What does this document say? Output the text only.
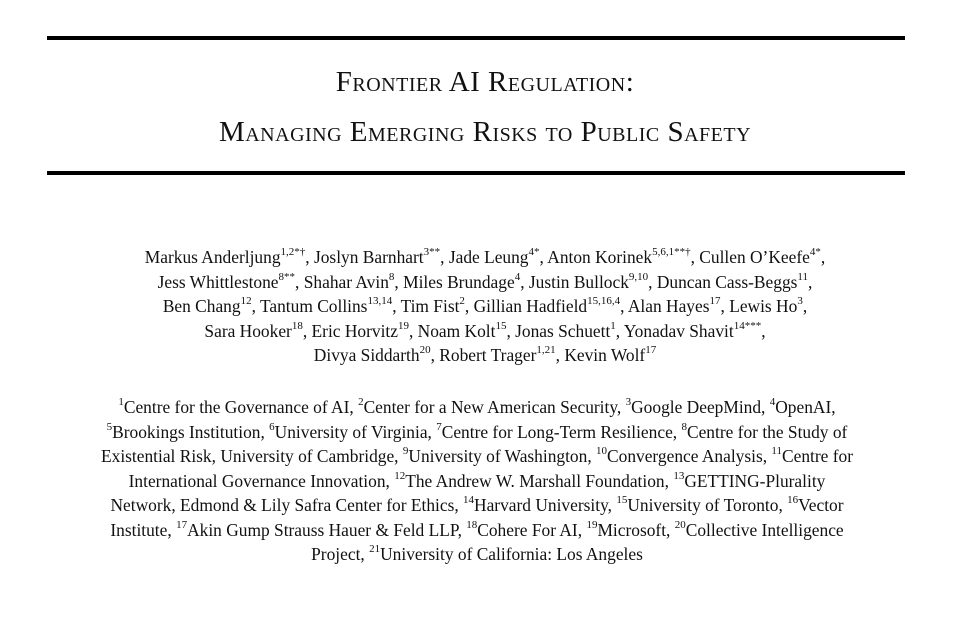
Frontier AI Regulation:
Managing Emerging Risks to Public Safety
Markus Anderljung$^{1,2*\dagger}$, Joslyn Barnhart$^{3**}$, Jade Leung$^{4*}$, Anton Korinek$^{5,6,1**\dagger}$, Cullen O’Keefe$^{4*}$,
Jess Whittlestone$^{8**}$, Shahar Avin$^8$, Miles Brundage$^4$, Justin Bullock$^{9,10}$, Duncan Cass-Beggs$^{11}$,
Ben Chang$^{12}$, Tantum Collins$^{13,14}$, Tim Fist$^2$, Gillian Hadfield$^{15,16,4}$, Alan Hayes$^{17}$, Lewis Ho$^3$,
Sara Hooker$^{18}$, Eric Horvitz$^{19}$, Noam Kolt$^{15}$, Jonas Schuett$^1$, Yonadav Shavit$^{14***}$,
Divya Siddarth$^{20}$, Robert Trager$^{1,21}$, Kevin Wolf$^{17}$
$^1$Centre for the Governance of AI, $^2$Center for a New American Security, $^3$Google DeepMind, $^4$OpenAI,
$^5$Brookings Institution, $^6$University of Virginia, $^7$Centre for Long-Term Resilience, $^8$Centre for the Study of
Existential Risk, University of Cambridge, $^9$University of Washington, $^{10}$Convergence Analysis, $^{11}$Centre for
International Governance Innovation, $^{12}$The Andrew W. Marshall Foundation, $^{13}$GETTING-Plurality
Network, Edmond & Lily Safra Center for Ethics, $^{14}$Harvard University, $^{15}$University of Toronto, $^{16}$Vector
Institute, $^{17}$Akin Gump Strauss Hauer & Feld LLP, $^{18}$Cohere For AI, $^{19}$Microsoft, $^{20}$Collective Intelligence
Project, $^{21}$University of California: Los Angeles
